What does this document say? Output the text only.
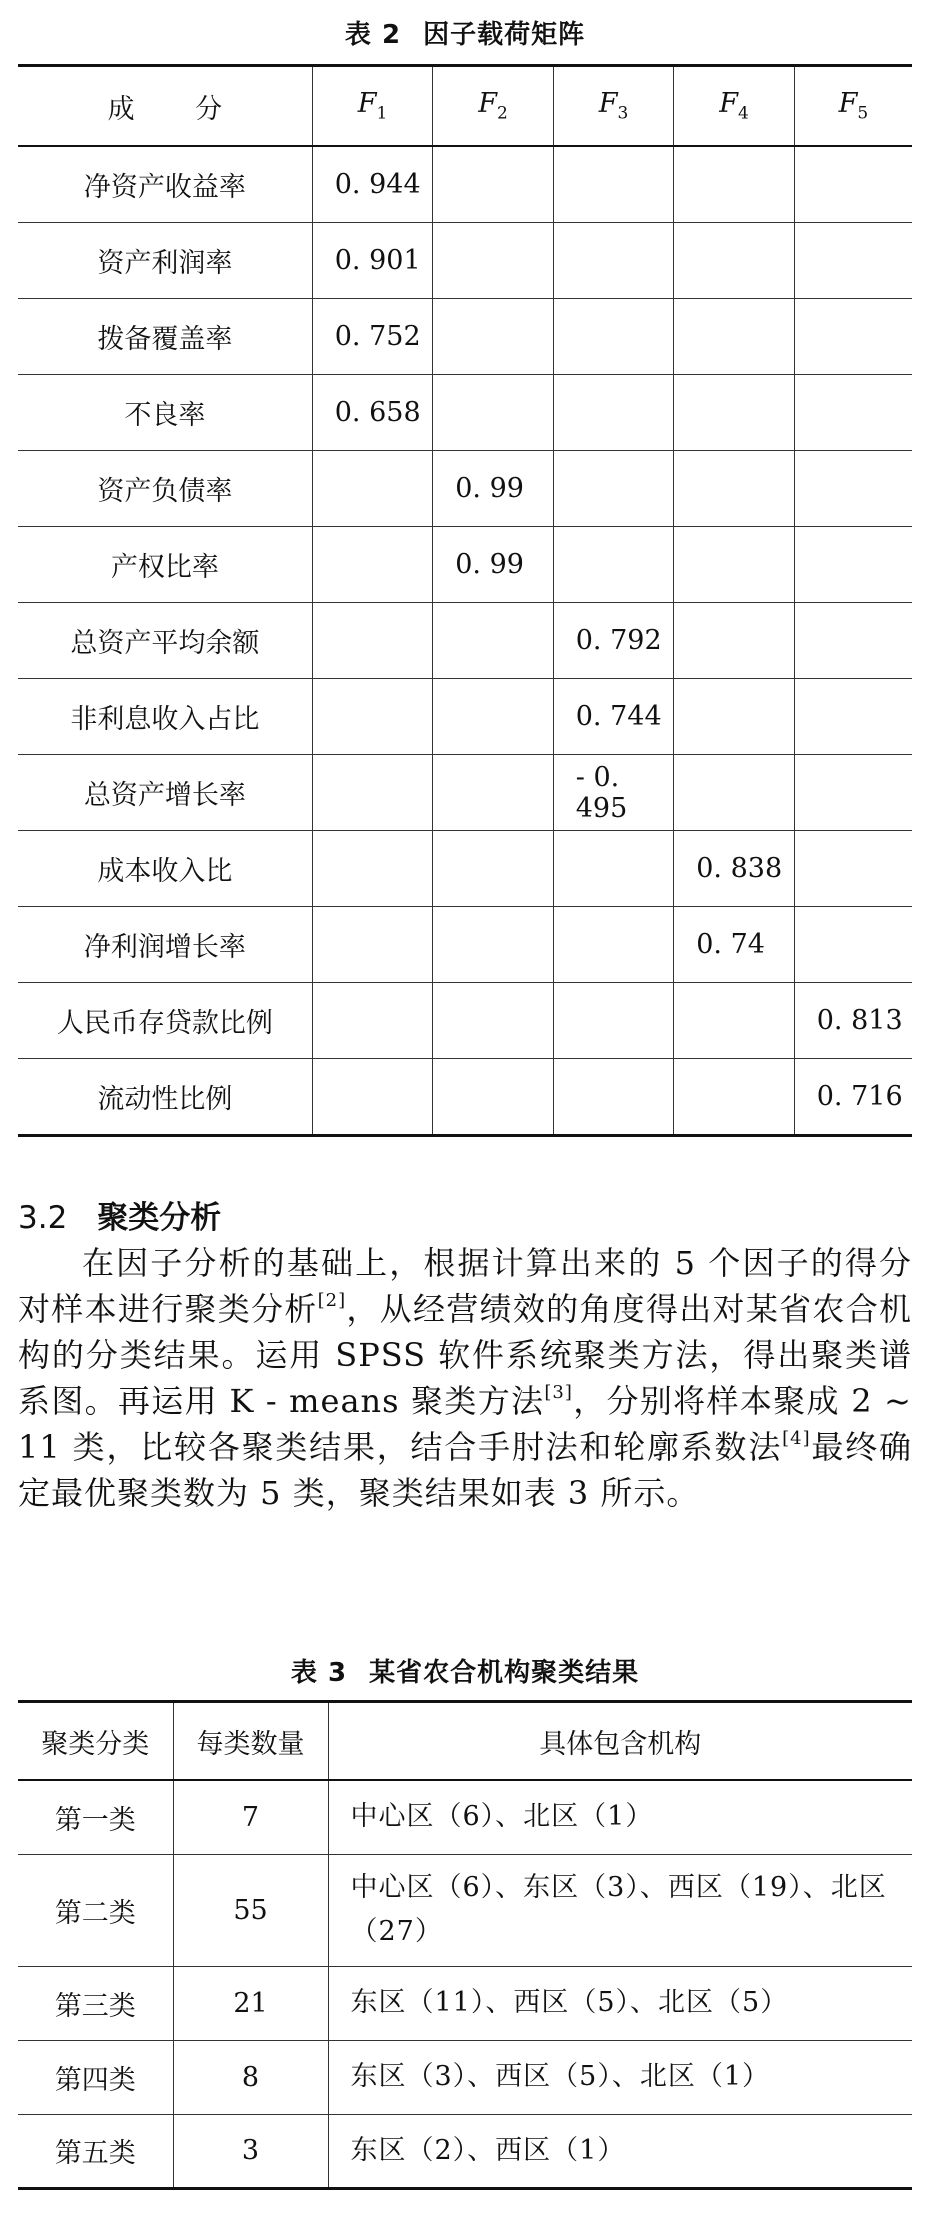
表 2 因子载荷矩阵
成 分	$F_1$	$F_2$	$F_3$	$F_4$	$F_5$
净资产收益率	0. 944				
资产利润率	0. 901				
拨备覆盖率	0. 752				
不良率	0. 658				
资产负债率		0. 99			
产权比率		0. 99			
总资产平均余额			0. 792		
非利息收入占比			0. 744		
总资产增长率			- 0. 495		
成本收入比				0. 838	
净利润增长率				0. 74	
人民币存贷款比例					0. 813
流动性比例					0. 716
3.2 聚类分析
在因子分析的基础上，根据计算出来的 5 个因子的得分对样本进行聚类分析[2]，从经营绩效的角度得出对某省农合机构的分类结果。运用 SPSS 软件系统聚类方法，得出聚类谱系图。再运用 K - means 聚类方法[3]，分别将样本聚成 2 ~ 11 类，比较各聚类结果，结合手肘法和轮廓系数法[4]最终确定最优聚类数为 5 类，聚类结果如表 3 所示。
表 3 某省农合机构聚类结果
聚类分类	每类数量	具体包含机构
第一类	7	中心区（6）、北区（1）
第二类	55	中心区（6）、东区（3）、西区（19）、北区（27）
第三类	21	东区（11）、西区（5）、北区（5）
第四类	8	东区（3）、西区（5）、北区（1）
第五类	3	东区（2）、西区（1）
